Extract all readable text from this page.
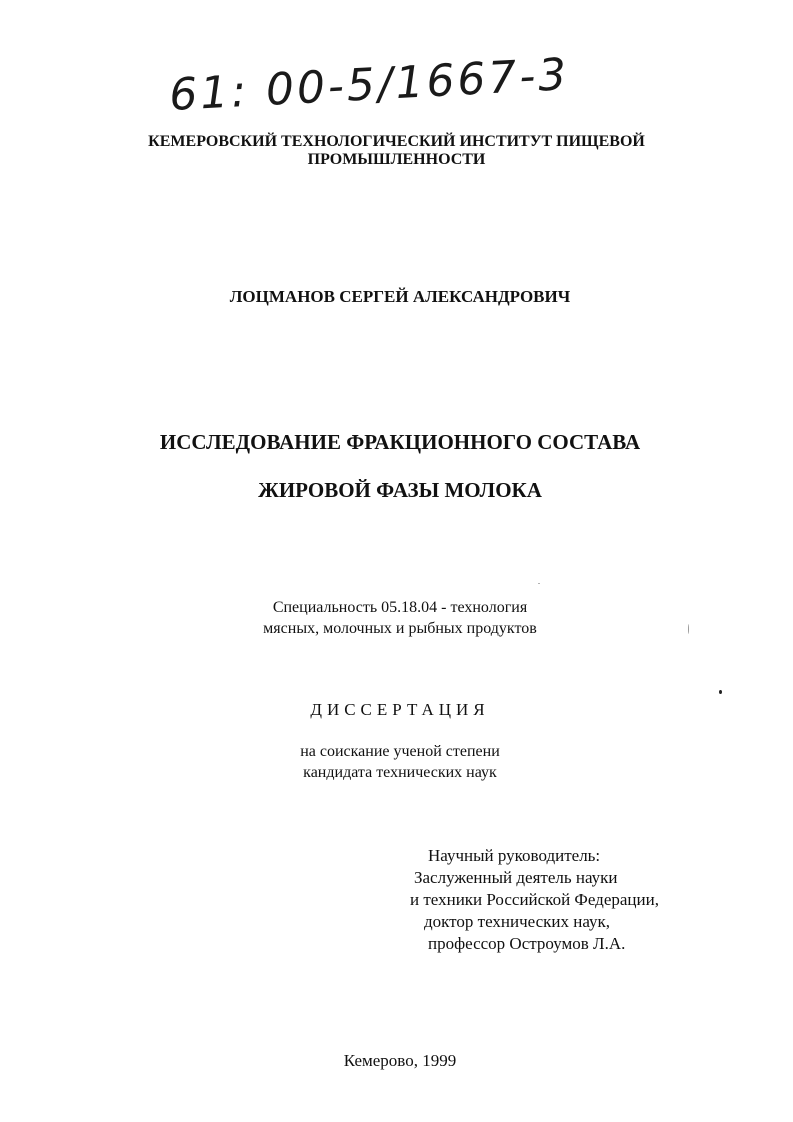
61: 00-5/1667-3
КЕМЕРОВСКИЙ ТЕХНОЛОГИЧЕСКИЙ ИНСТИТУТ ПИЩЕВОЙ
ПРОМЫШЛЕННОСТИ
ЛОЦМАНОВ СЕРГЕЙ АЛЕКСАНДРОВИЧ
ИССЛЕДОВАНИЕ ФРАКЦИОННОГО СОСТАВА
ЖИРОВОЙ ФАЗЫ МОЛОКА
Специальность 05.18.04 - технология
мясных, молочных и рыбных продуктов
ДИССЕРТАЦИЯ
на соискание ученой степени
кандидата технических наук
Научный руководитель:
Заслуженный деятель науки
и техники Российской Федерации,
доктор технических наук,
профессор Остроумов Л.А.
Кемерово, 1999
